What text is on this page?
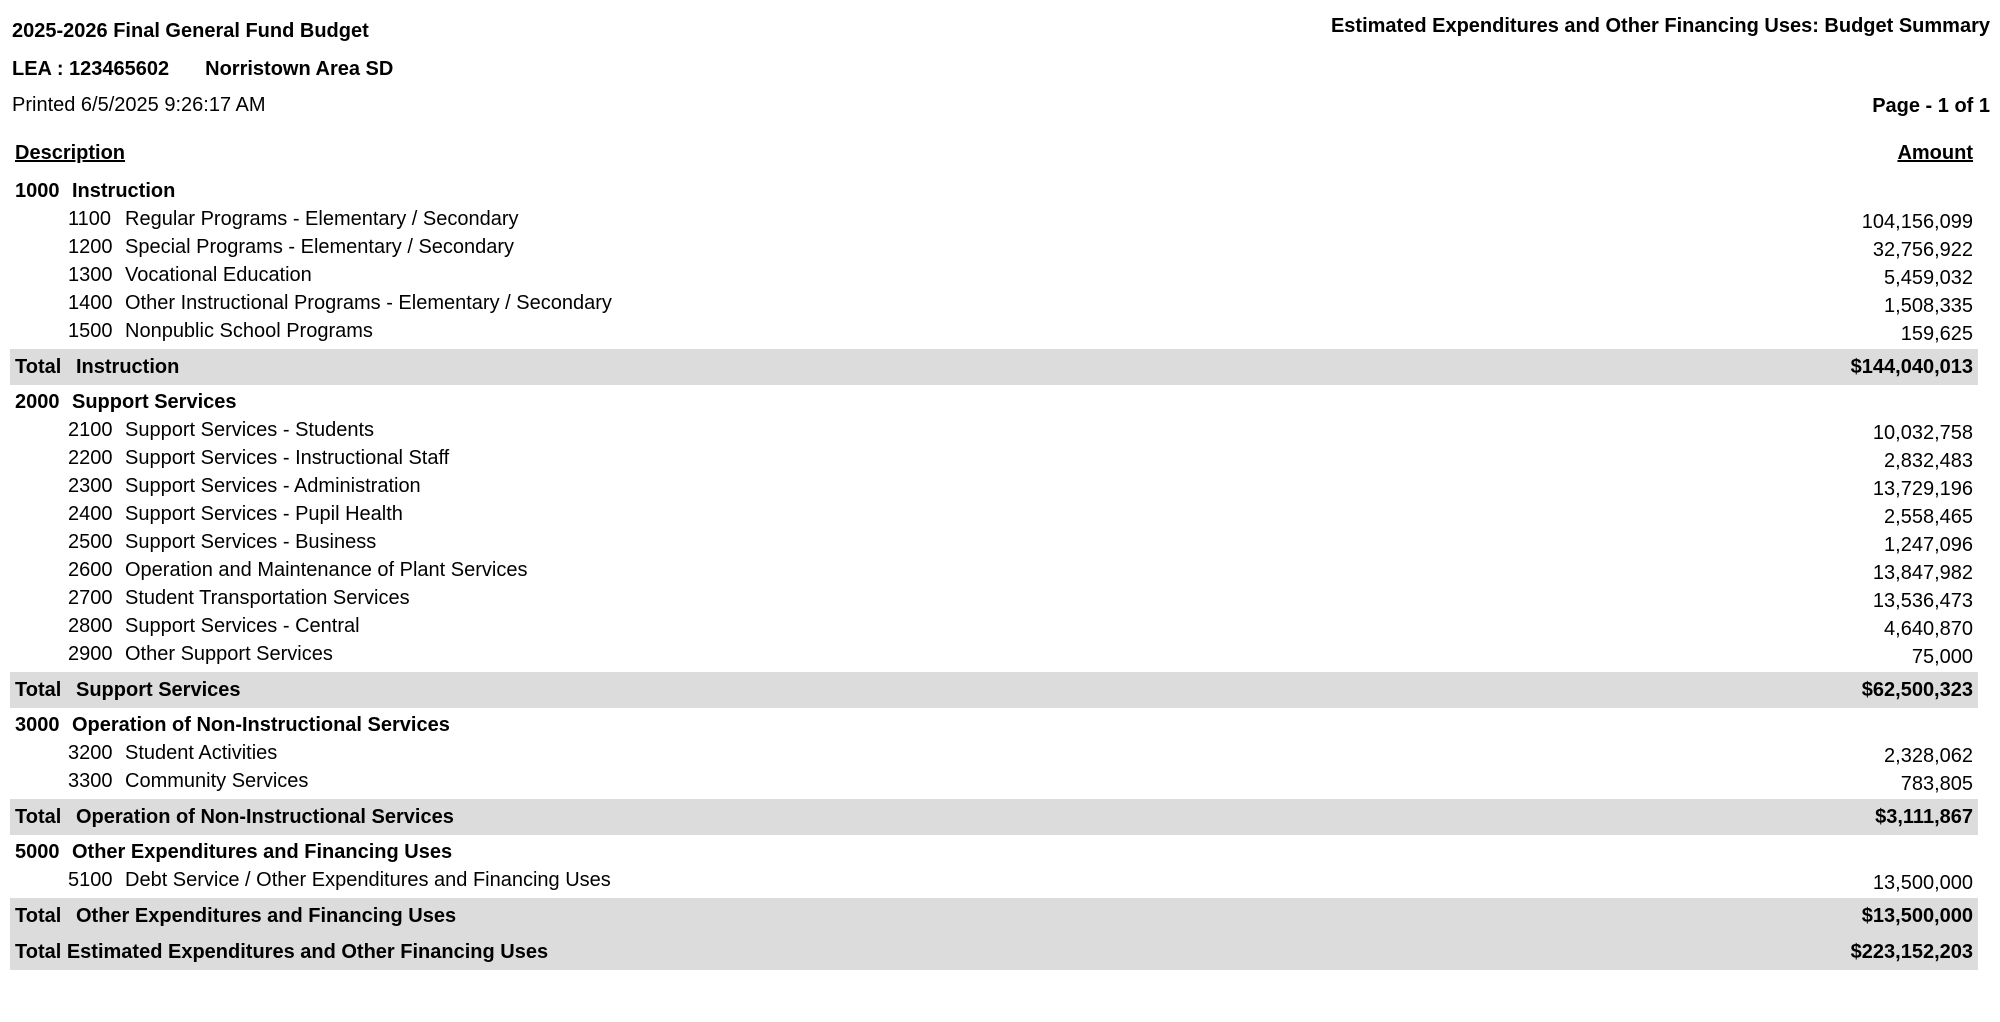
2025-2026 Final General Fund Budget
LEA : 123465602 Norristown Area SD
Printed 6/5/2025 9:26:17 AM
Estimated Expenditures and Other Financing Uses: Budget Summary
Page - 1 of 1
Description	Amount
1000 Instruction
1100 Regular Programs - Elementary / Secondary	104,156,099
1200 Special Programs - Elementary / Secondary	32,756,922
1300 Vocational Education	5,459,032
1400 Other Instructional Programs - Elementary / Secondary	1,508,335
1500 Nonpublic School Programs	159,625
Total Instruction	$144,040,013
2000 Support Services
2100 Support Services - Students	10,032,758
2200 Support Services - Instructional Staff	2,832,483
2300 Support Services - Administration	13,729,196
2400 Support Services - Pupil Health	2,558,465
2500 Support Services - Business	1,247,096
2600 Operation and Maintenance of Plant Services	13,847,982
2700 Student Transportation Services	13,536,473
2800 Support Services - Central	4,640,870
2900 Other Support Services	75,000
Total Support Services	$62,500,323
3000 Operation of Non-Instructional Services
3200 Student Activities	2,328,062
3300 Community Services	783,805
Total Operation of Non-Instructional Services	$3,111,867
5000 Other Expenditures and Financing Uses
5100 Debt Service / Other Expenditures and Financing Uses	13,500,000
Total Other Expenditures and Financing Uses	$13,500,000
Total Estimated Expenditures and Other Financing Uses	$223,152,203
